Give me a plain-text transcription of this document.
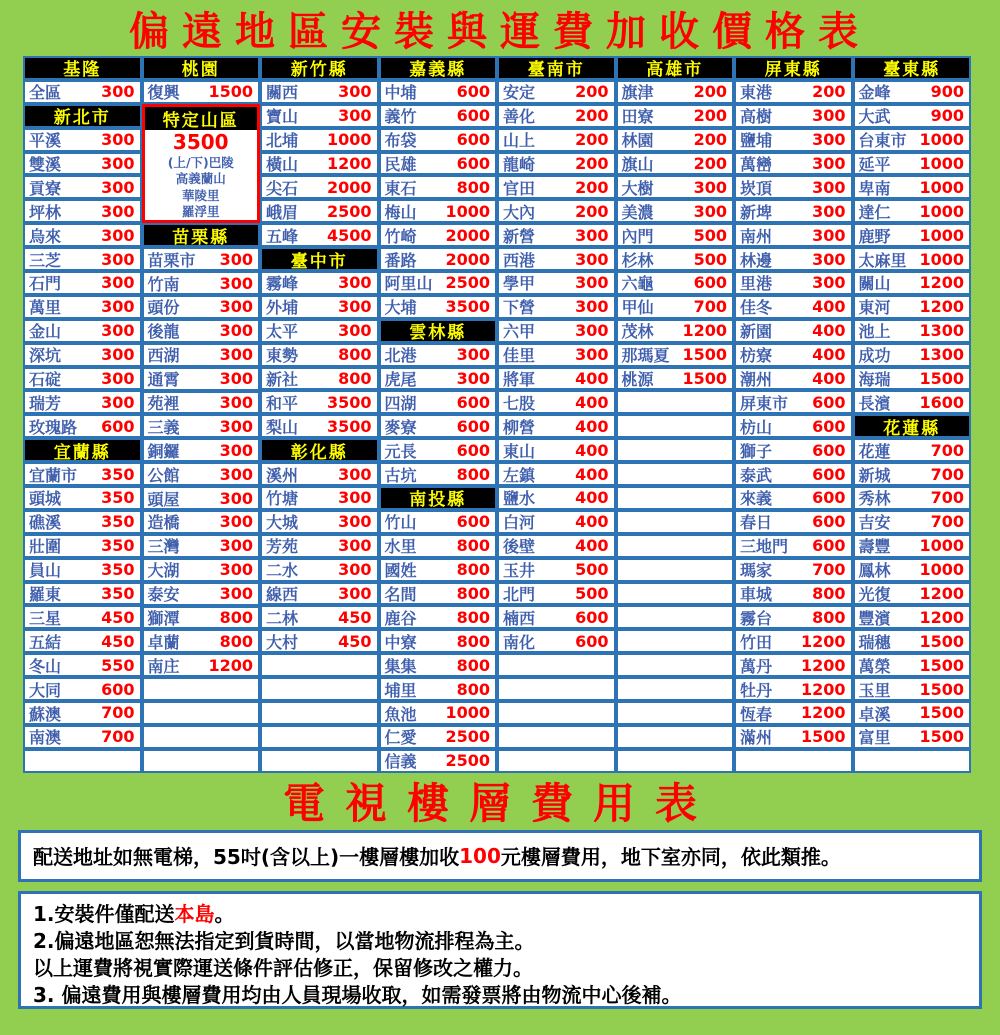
偏遠地區安裝與運費加收價格表
基隆
全區	300
新北市
平溪	300
雙溪	300
貢寮	300
坪林	300
烏來	300
三芝	300
石門	300
萬里	300
金山	300
深坑	300
石碇	300
瑞芳	300
玫瑰路 600
宜蘭縣
宜蘭市 350
頭城	350
礁溪	350
壯圍	350
員山	350
羅東	350
三星	450
五結	450
冬山	550
大同	600
蘇澳	700
南澳	700
桃園
復興 1500
特定山區
3500
(上/下)巴陵
高義蘭山
華陵里
羅浮里
苗栗縣
苗栗市 300
竹南	300
頭份	300
後龍	300
西湖	300
通霄	300
苑裡	300
三義	300
銅鑼	300
公館	300
頭屋	300
造橋	300
三灣	300
大湖	300
泰安	300
獅潭	800
卓蘭	800
南庄 1200
新竹縣
關西	300
寶山	300
北埔 1000
橫山 1200
尖石 2000
峨眉 2500
五峰 4500
臺中市
霧峰	300
外埔	300
太平	300
東勢	800
新社	800
和平 3500
梨山 3500
彰化縣
溪州	300
竹塘	300
大城	300
芳苑	300
二水	300
線西	300
二林	450
大村	450
嘉義縣
中埔	600
義竹	600
布袋	600
民雄	600
東石	800
梅山 1000
竹崎 2000
番路 2000
阿里山 2500
大埔 3500
雲林縣
北港	300
虎尾	300
四湖	600
麥寮	600
元長	600
古坑	800
南投縣
竹山	600
水里	800
國姓	800
名間	800
鹿谷	800
中寮	800
集集	800
埔里	800
魚池 1000
仁愛 2500
信義 2500
臺南市
安定	200
善化	200
山上	200
龍崎	200
官田	200
大內	200
新營	300
西港	300
學甲	300
下營	300
六甲	300
佳里	300
將軍	400
七股	400
柳營	400
東山	400
左鎮	400
鹽水	400
白河	400
後壁	400
玉井	500
北門	500
楠西	600
南化	600
高雄市
旗津	200
田寮	200
林園	200
旗山	200
大樹	300
美濃	300
內門	500
杉林	500
六龜	600
甲仙	700
茂林 1200
那瑪夏 1500
桃源 1500
屏東縣
東港	200
高樹	300
鹽埔	300
萬巒	300
崁頂	300
新埤	300
南州	300
林邊	300
里港	300
佳冬	400
新園	400
枋寮	400
潮州	400
屏東市 600
枋山	600
獅子	600
泰武	600
來義	600
春日	600
三地門 600
瑪家	700
車城	800
霧台	800
竹田 1200
萬丹 1200
牡丹 1200
恆春 1200
滿州 1500
臺東縣
金峰	900
大武	900
台東市 1000
延平 1000
卑南 1000
達仁 1000
鹿野 1000
太麻里 1000
關山 1200
東河 1200
池上 1300
成功 1300
海瑞 1500
長濱 1600
花蓮縣
花蓮	700
新城	700
秀林	700
吉安	700
壽豐 1000
鳳林 1000
光復 1200
豐濱 1200
瑞穗 1500
萬榮 1500
玉里 1500
卓溪 1500
富里 1500
電視樓層費用表
配送地址如無電梯，55吋(含以上)一樓層樓加收 100 元樓層費用，地下室亦同，依此類推。
1.安裝件僅配送本島。
2.偏遠地區恕無法指定到貨時間，以當地物流排程為主。
以上運費將視實際運送條件評估修正，保留修改之權力。
3. 偏遠費用與樓層費用均由人員現場收取，如需發票將由物流中心後補。
